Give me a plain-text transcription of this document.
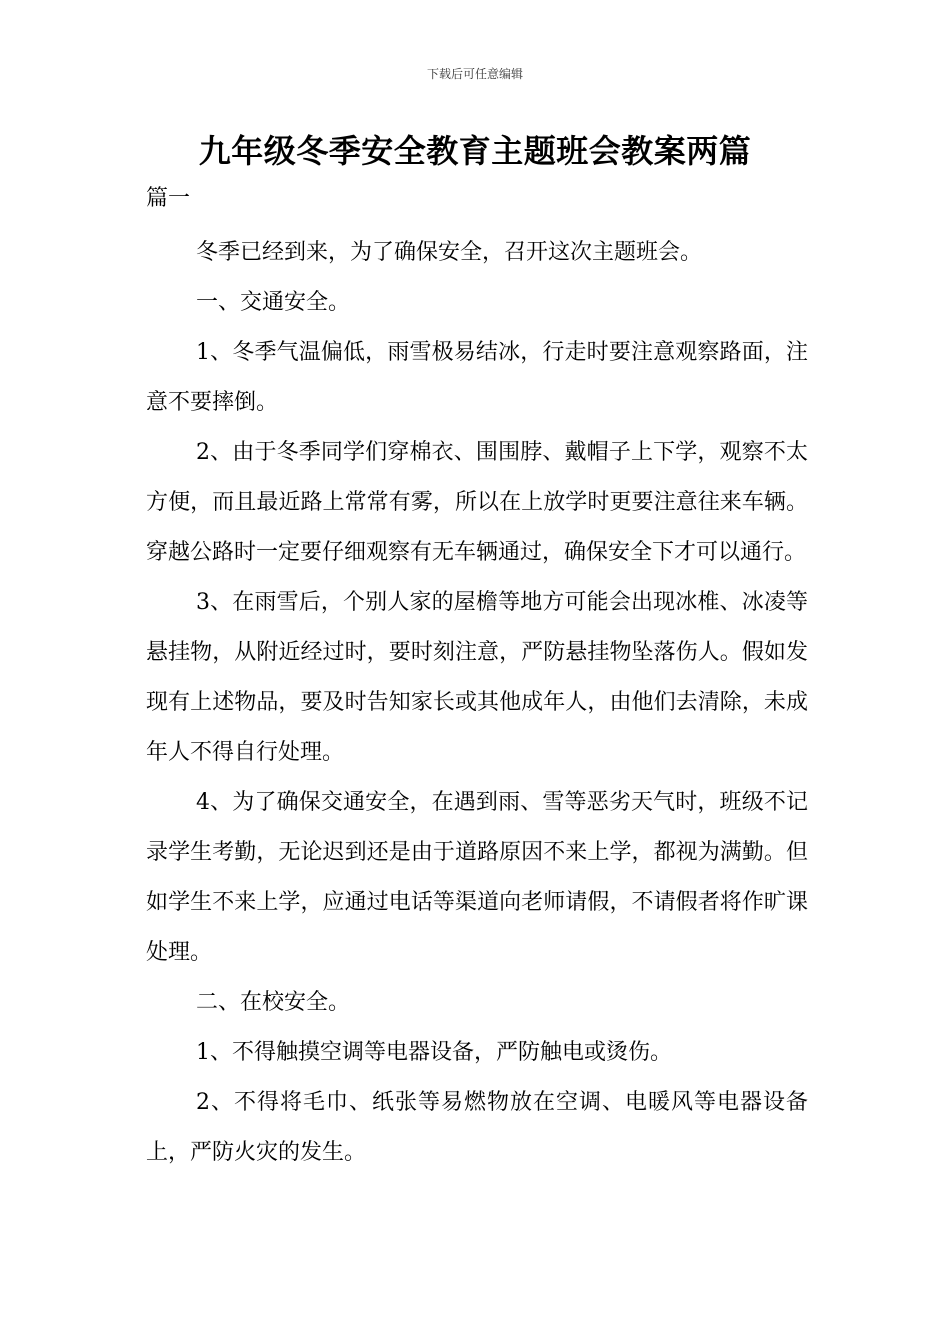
下载后可任意编辑
九年级冬季安全教育主题班会教案两篇
篇一

冬季已经到来，为了确保安全，召开这次主题班会。

一、交通安全。

1、冬季气温偏低，雨雪极易结冰，行走时要注意观察路面，注意不要摔倒。

2、由于冬季同学们穿棉衣、围围脖、戴帽子上下学，观察不太方便，而且最近路上常常有雾，所以在上放学时更要注意往来车辆。穿越公路时一定要仔细观察有无车辆通过，确保安全下才可以通行。

3、在雨雪后，个别人家的屋檐等地方可能会出现冰椎、冰凌等悬挂物，从附近经过时，要时刻注意，严防悬挂物坠落伤人。假如发现有上述物品，要及时告知家长或其他成年人，由他们去清除，未成年人不得自行处理。

4、为了确保交通安全，在遇到雨、雪等恶劣天气时，班级不记录学生考勤，无论迟到还是由于道路原因不来上学，都视为满勤。但如学生不来上学，应通过电话等渠道向老师请假，不请假者将作旷课处理。

二、在校安全。

1、不得触摸空调等电器设备，严防触电或烫伤。

2、不得将毛巾、纸张等易燃物放在空调、电暖风等电器设备上，严防火灾的发生。
